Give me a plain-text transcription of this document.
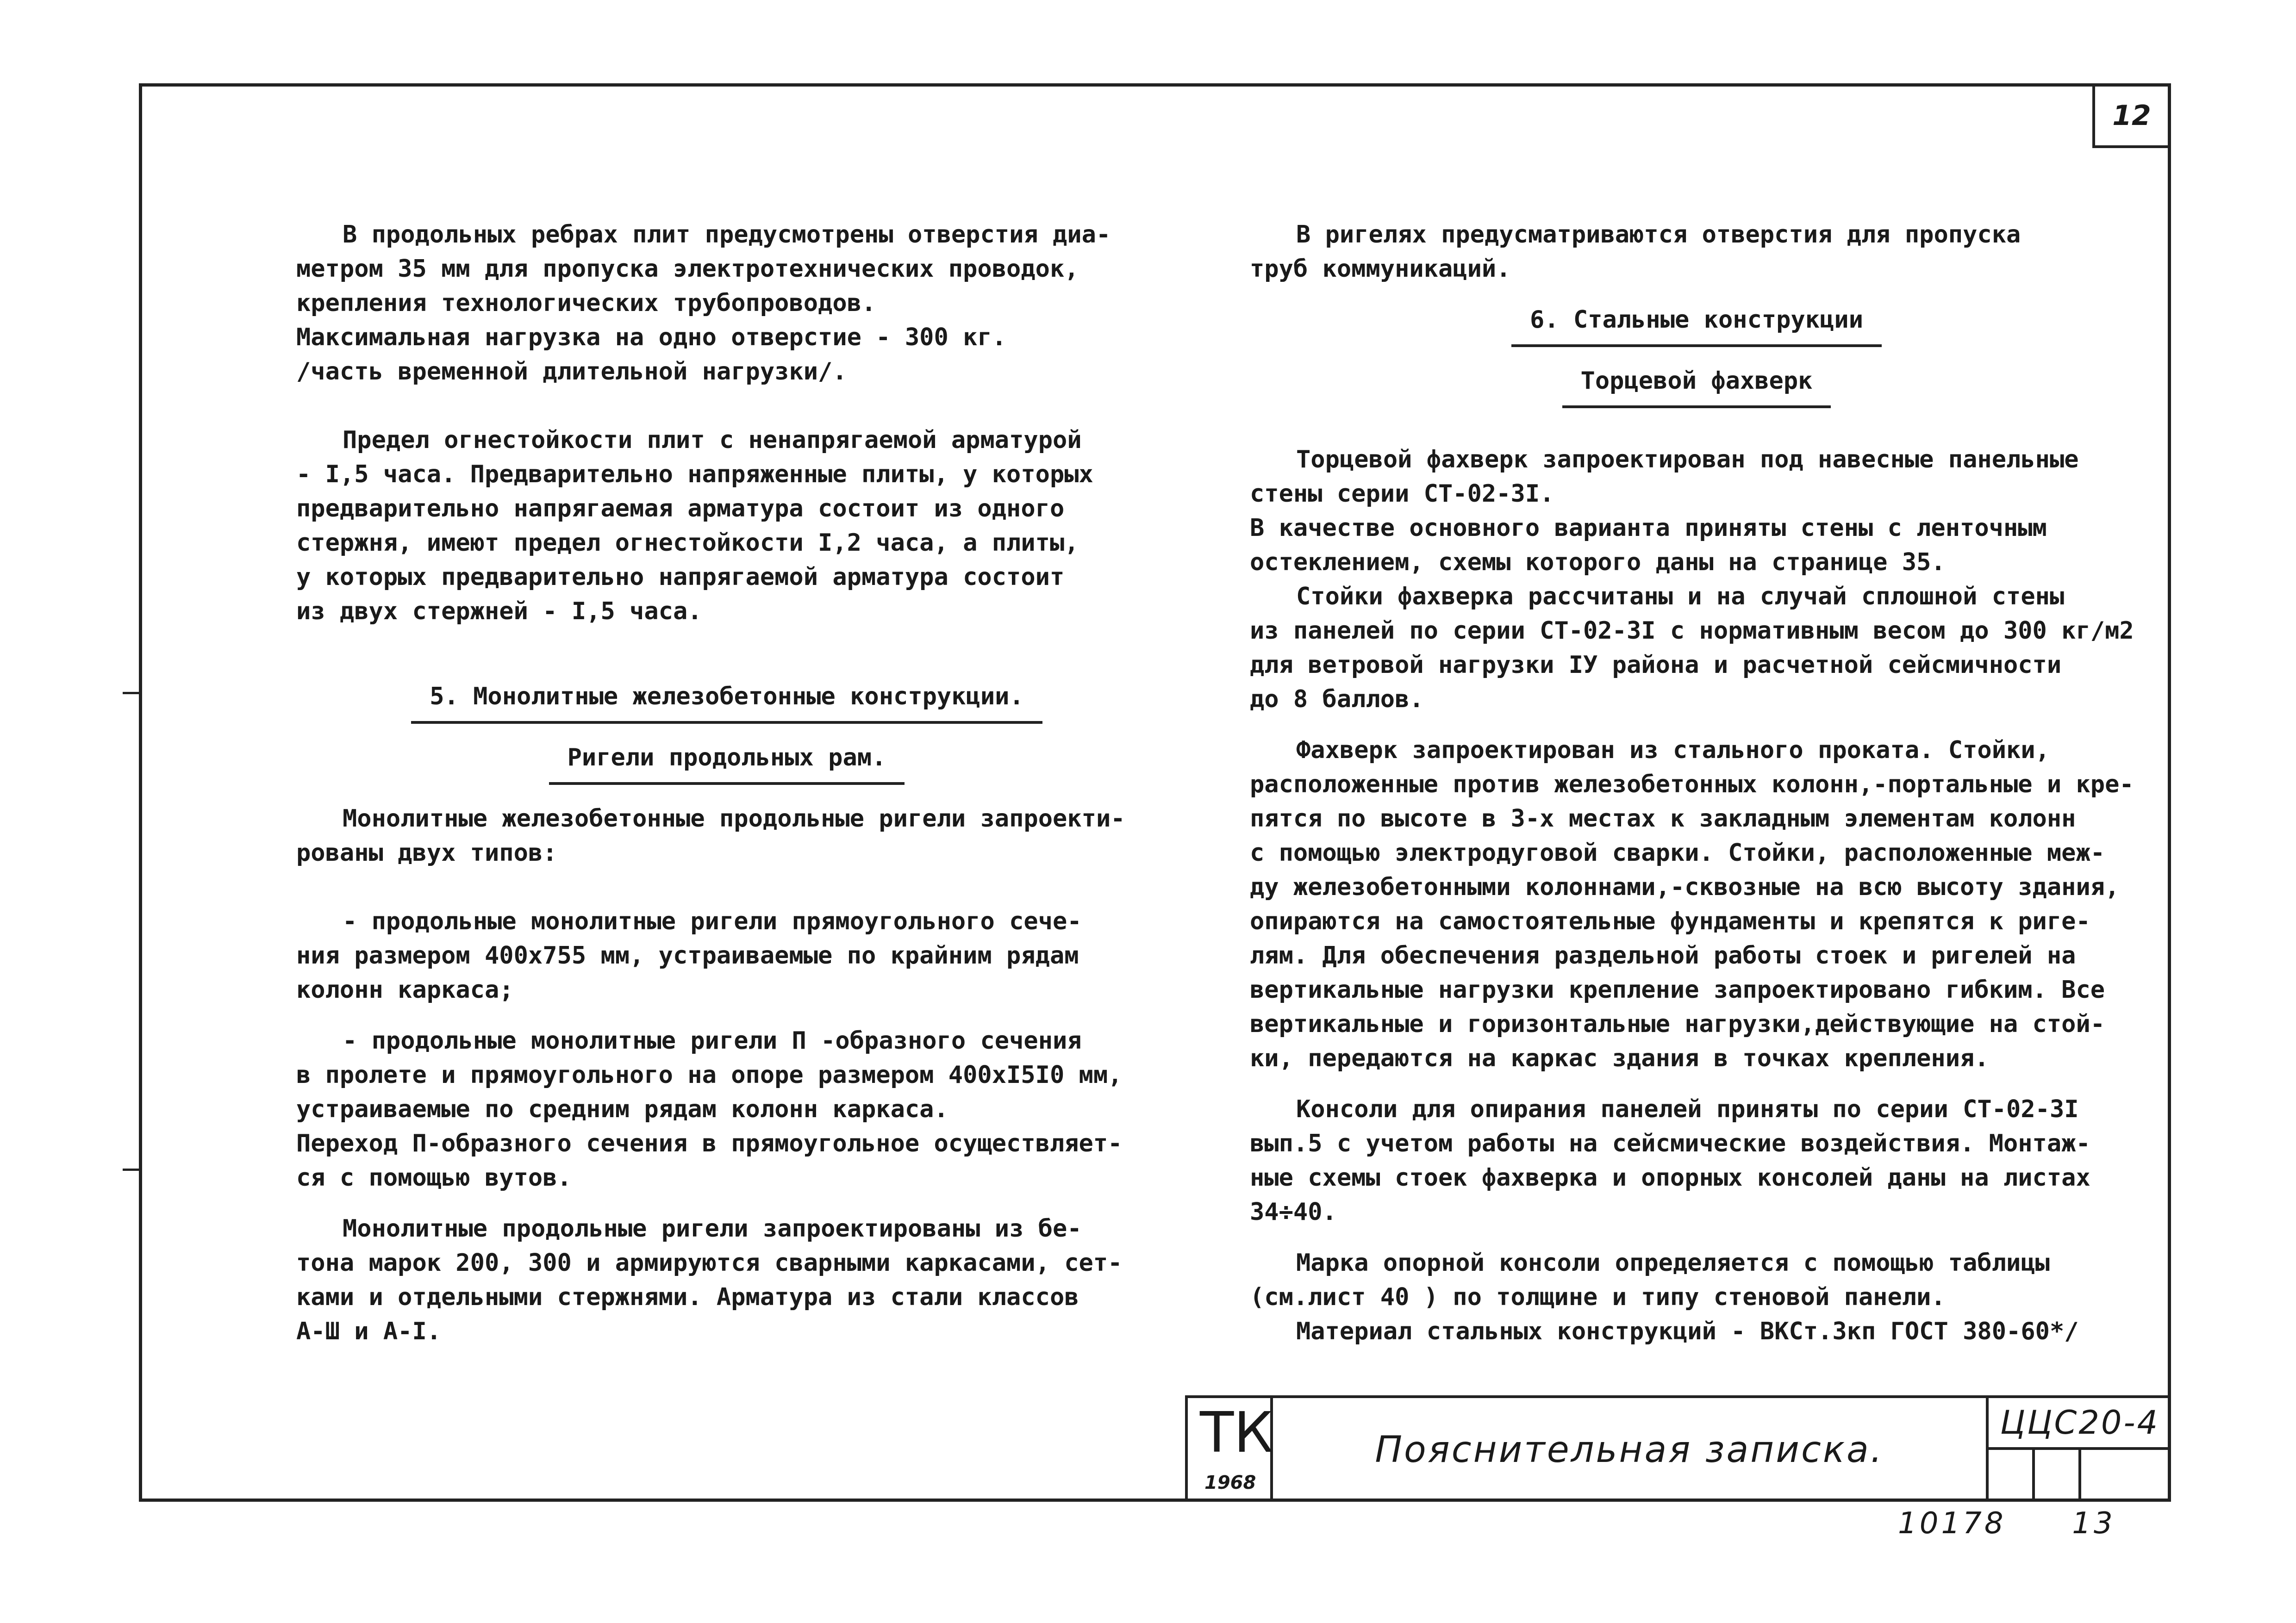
12

В продольных ребрах плит предусмотрены отверстия диа-

метром 35 мм для пропуска электротехнических проводок,

крепления технологических трубопроводов.

Максимальная нагрузка на одно отверстие - 300 кг.

/часть временной длительной нагрузки/.

Предел огнестойкости плит с ненапрягаемой арматурой

- I,5 часа. Предварительно напряженные плиты, у которых

предварительно напрягаемая арматура состоит из одного

стержня, имеют предел огнестойкости I,2 часа, а плиты,

у которых предварительно напрягаемой арматура состоит

из двух стержней - I,5 часа.

5. Монолитные железобетонные конструкции.

Ригели продольных рам.

Монолитные железобетонные продольные ригели запроекти-

рованы двух типов:

- продольные монолитные ригели прямоугольного сече-

ния размером 400х755 мм, устраиваемые по крайним рядам

колонн каркаса;

- продольные монолитные ригели П -образного сечения

в пролете и прямоугольного на опоре размером 400хI5I0 мм,

устраиваемые по средним рядам колонн каркаса.

Переход П-образного сечения в прямоугольное осуществляет-

ся с помощью вутов.

Монолитные продольные ригели запроектированы из бе-

тона марок 200, 300 и армируются сварными каркасами, сет-

ками и отдельными стержнями. Арматура из стали классов

А-Ш и А-I.

В ригелях предусматриваются отверстия для пропуска

труб коммуникаций.

6. Стальные конструкции

Торцевой фахверк

Торцевой фахверк запроектирован под навесные панельные

стены серии СТ-02-3I.

В качестве основного варианта приняты стены с ленточным

остеклением, схемы которого даны на странице 35.

Стойки фахверка рассчитаны и на случай сплошной стены

из панелей по серии СТ-02-3I с нормативным весом до 300 кг/м2

для ветровой нагрузки IУ района и расчетной сейсмичности

до 8 баллов.

Фахверк запроектирован из стального проката. Стойки,

расположенные против железобетонных колонн,-портальные и кре-

пятся по высоте в 3-х местах к закладным элементам колонн

с помощью электродуговой сварки. Стойки, расположенные меж-

ду железобетонными колоннами,-сквозные на всю высоту здания,

опираются на самостоятельные фундаменты и крепятся к риге-

лям. Для обеспечения раздельной работы стоек и ригелей на

вертикальные нагрузки крепление запроектировано гибким. Все

вертикальные и горизонтальные нагрузки,действующие на стой-

ки, передаются на каркас здания в точках крепления.

Консоли для опирания панелей приняты по серии СТ-02-3I

вып.5 с учетом работы на сейсмические воздействия. Монтаж-

ные схемы стоек фахверка и опорных консолей даны на листах 34÷40.

Марка опорной консоли определяется с помощью таблицы

(см.лист 40 ) по толщине и типу стеновой панели.

Материал стальных конструкций - ВКСт.3кп ГОСТ 380-60*/

ТК
1968
Пояснительная записка.
ЦЦС20-4
10178 13
